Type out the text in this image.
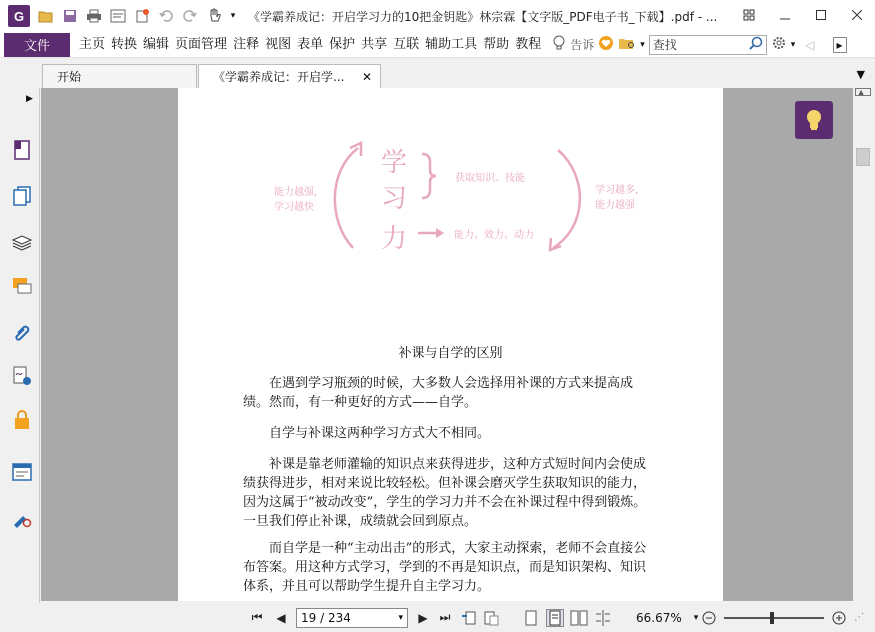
G	▾ 《学霸养成记：开启学习力的10把金钥匙》林宗霖【文字版_PDF电子书_下载】.pdf - ...
文件	主页 转换 编辑 页面管理 注释 视图 表单 保护 共享 互联 辅助工具 帮助 教程 告诉	▾ 查找	▾ ◁	▸
开始	《学霸养成记：开启学... ✕	▼
▶
学
习
力
能力越强，
学习越快
获取知识、技能
能力、效力、动力
学习越多，
能力越强
补课与自学的区别
在遇到学习瓶颈的时候，大多数人会选择用补课的方式来提高成绩。然而，有一种更好的方式——自学。
自学与补课这两种学习方式大不相同。
补课是靠老师灌输的知识点来获得进步，这种方式短时间内会使成绩获得进步，相对来说比较轻松。但补课会磨灭学生获取知识的能力，因为这属于“被动改变”，学生的学习力并不会在补课过程中得到锻炼。一旦我们停止补课，成绩就会回到原点。
而自学是一种“主动出击”的形式，大家主动探索，老师不会直接公布答案。用这种方式学习，学到的不再是知识点，而是知识架构、知识体系，并且可以帮助学生提升自主学习力。
▲
⏮	◀	19 / 234	▾	▶ ⏭	66.67% ▾	⋰
